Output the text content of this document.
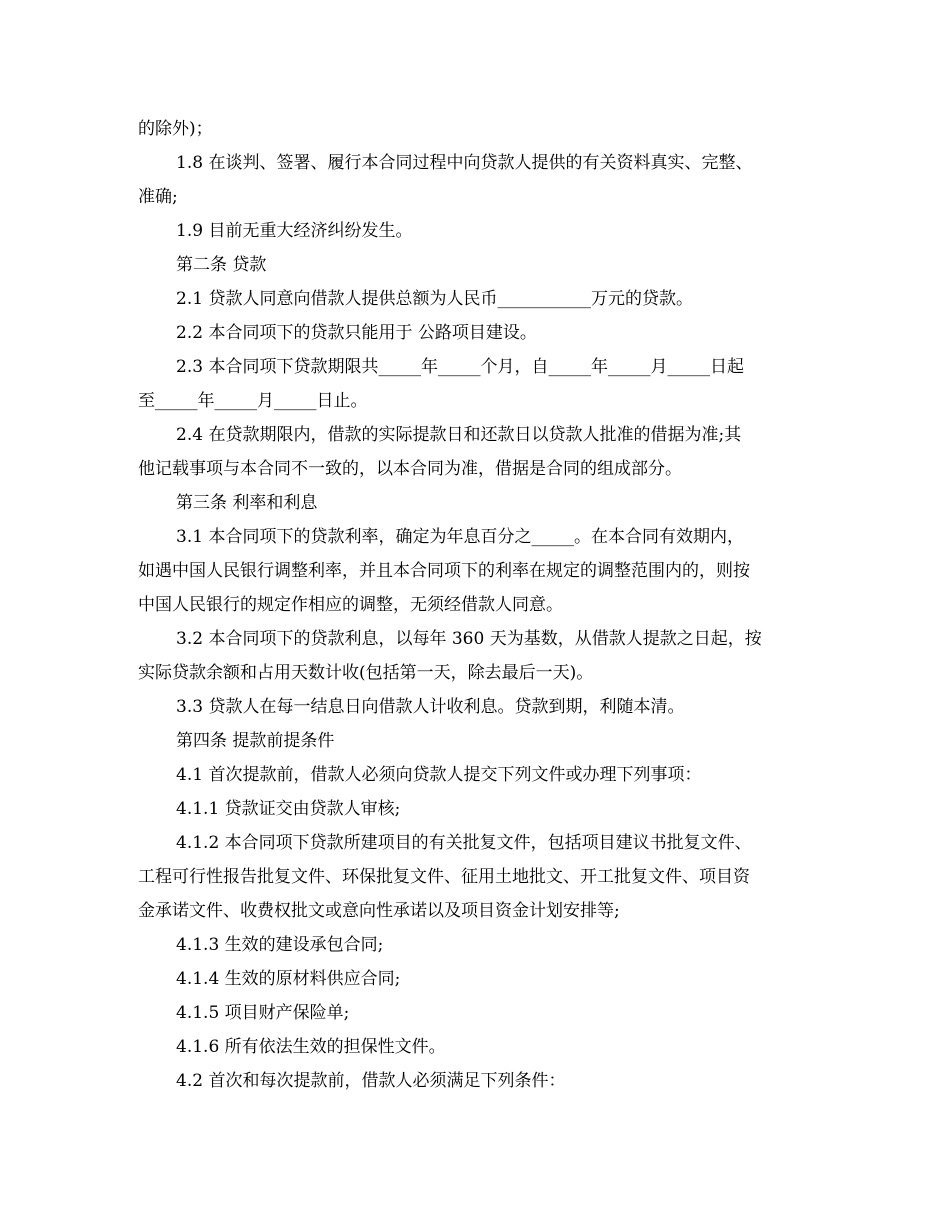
的除外)；
1.8 在谈判、签署、履行本合同过程中向贷款人提供的有关资料真实、完整、
准确;
1.9 目前无重大经济纠纷发生。
第二条 贷款
2.1 贷款人同意向借款人提供总额为人民币___________万元的贷款。
2.2 本合同项下的贷款只能用于 公路项目建设。
2.3 本合同项下贷款期限共_____年_____个月，自_____年_____月_____日起
至_____年_____月_____日止。
2.4 在贷款期限内，借款的实际提款日和还款日以贷款人批准的借据为准;其
他记载事项与本合同不一致的，以本合同为准，借据是合同的组成部分。
第三条 利率和利息
3.1 本合同项下的贷款利率，确定为年息百分之_____。在本合同有效期内，
如遇中国人民银行调整利率，并且本合同项下的利率在规定的调整范围内的，则按
中国人民银行的规定作相应的调整，无须经借款人同意。
3.2 本合同项下的贷款利息，以每年 360 天为基数，从借款人提款之日起，按
实际贷款余额和占用天数计收(包括第一天，除去最后一天)。
3.3 贷款人在每一结息日向借款人计收利息。贷款到期，利随本清。
第四条 提款前提条件
4.1 首次提款前，借款人必须向贷款人提交下列文件或办理下列事项：
4.1.1 贷款证交由贷款人审核;
4.1.2 本合同项下贷款所建项目的有关批复文件，包括项目建议书批复文件、
工程可行性报告批复文件、环保批复文件、征用土地批文、开工批复文件、项目资
金承诺文件、收费权批文或意向性承诺以及项目资金计划安排等;
4.1.3 生效的建设承包合同;
4.1.4 生效的原材料供应合同;
4.1.5 项目财产保险单;
4.1.6 所有依法生效的担保性文件。
4.2 首次和每次提款前，借款人必须满足下列条件：
